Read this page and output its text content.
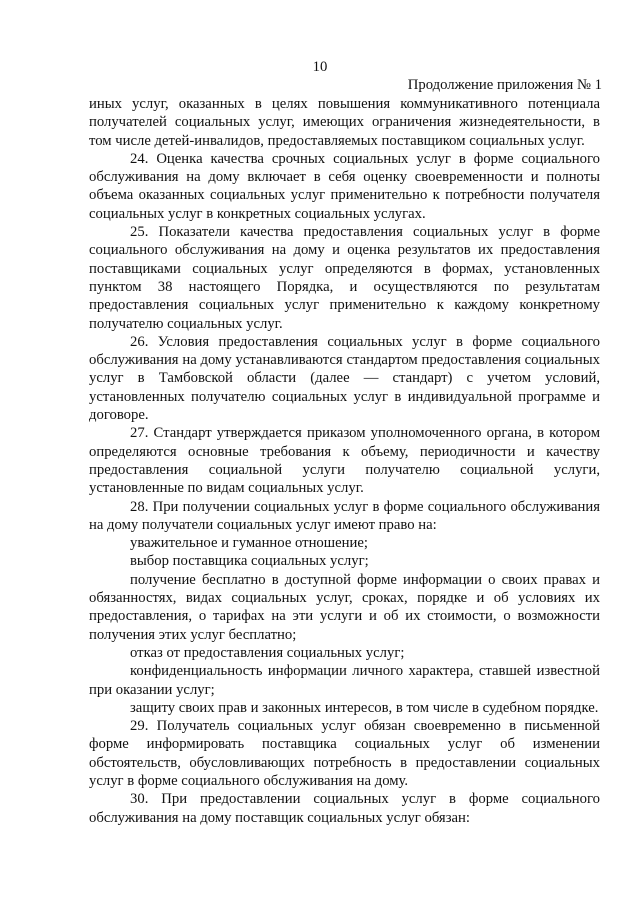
10
Продолжение приложения № 1

иных услуг, оказанных в целях повышения коммуникативного потенциала получателей социальных услуг, имеющих ограничения жизнедеятельности, в том числе детей-инвалидов, предоставляемых поставщиком социальных услуг.

24. Оценка качества срочных социальных услуг в форме социального обслуживания на дому включает в себя оценку своевременности и полноты объема оказанных социальных услуг применительно к потребности получателя социальных услуг в конкретных социальных услугах.

25. Показатели качества предоставления социальных услуг в форме социального обслуживания на дому и оценка результатов их предоставления поставщиками социальных услуг определяются в формах, установленных пунктом 38 настоящего Порядка, и осуществляются по результатам предоставления социальных услуг применительно к каждому конкретному получателю социальных услуг.

26. Условия предоставления социальных услуг в форме социального обслуживания на дому устанавливаются стандартом предоставления социальных услуг в Тамбовской области (далее — стандарт) с учетом условий, установленных получателю социальных услуг в индивидуальной программе и договоре.

27. Стандарт утверждается приказом уполномоченного органа, в котором определяются основные требования к объему, периодичности и качеству предоставления социальной услуги получателю социальной услуги, установленные по видам социальных услуг.

28. При получении социальных услуг в форме социального обслуживания на дому получатели социальных услуг имеют право на:

уважительное и гуманное отношение;

выбор поставщика социальных услуг;

получение бесплатно в доступной форме информации о своих правах и обязанностях, видах социальных услуг, сроках, порядке и об условиях их предоставления, о тарифах на эти услуги и об их стоимости, о возможности получения этих услуг бесплатно;

отказ от предоставления социальных услуг;

конфиденциальность информации личного характера, ставшей известной при оказании услуг;

защиту своих прав и законных интересов, в том числе в судебном порядке.

29. Получатель социальных услуг обязан своевременно в письменной форме информировать поставщика социальных услуг об изменении обстоятельств, обусловливающих потребность в предоставлении социальных услуг в форме социального обслуживания на дому.

30. При предоставлении социальных услуг в форме социального обслуживания на дому поставщик социальных услуг обязан:
